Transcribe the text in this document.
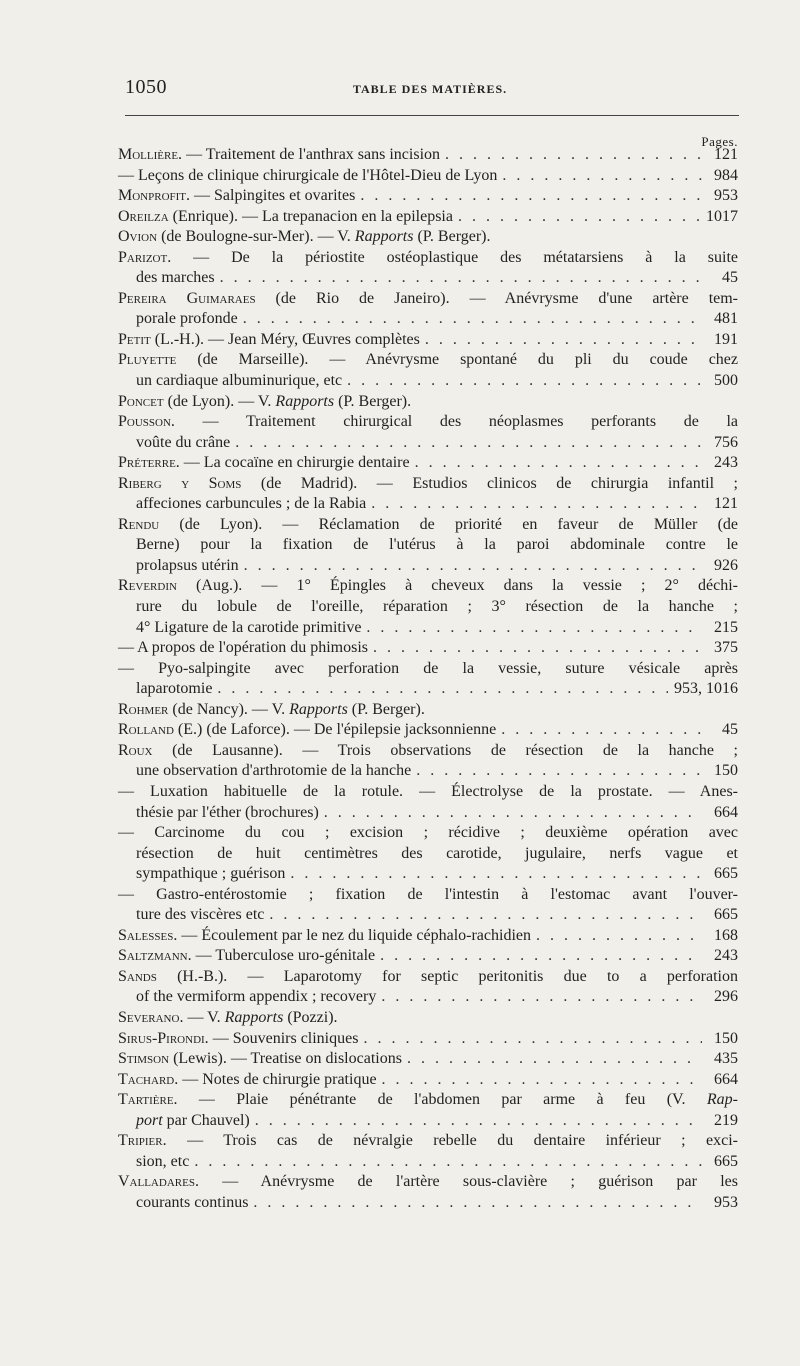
1050	TABLE DES MATIÈRES.
Pages.
Mollière. — Traitement de l'anthrax sans incision . . .	121
— Leçons de clinique chirurgicale de l'Hôtel-Dieu de Lyon . . .	984
Monprofit. — Salpingites et ovarites . . .	953
Oreilza (Enrique). — La trepanacion en la epilepsia . . .	1017
Ovion (de Boulogne-sur-Mer). — V. Rapports (P. Berger).
Parizot. — De la périostite ostéoplastique des métatarsiens à la suite
des marches . . .	45
Pereira Guimaraes (de Rio de Janeiro). — Anévrysme d'une artère tem-
porale profonde . . .	481
Petit (L.-H.). — Jean Méry, Œuvres complètes . . .	191
Pluyette (de Marseille). — Anévrysme spontané du pli du coude chez
un cardiaque albuminurique, etc . . .	500
Poncet (de Lyon). — V. Rapports (P. Berger).
Pousson. — Traitement chirurgical des néoplasmes perforants de la
voûte du crâne . . .	756
Préterre. — La cocaïne en chirurgie dentaire . . .	243
Riberg y Soms (de Madrid). — Estudios clinicos de chirurgia infantil ;
affeciones carbuncules ; de la Rabia . . .	121
Rendu (de Lyon). — Réclamation de priorité en faveur de Müller (de
Berne) pour la fixation de l'utérus à la paroi abdominale contre le
prolapsus utérin . . .	926
Reverdin (Aug.). — 1° Épingles à cheveux dans la vessie ; 2° déchi-
rure du lobule de l'oreille, réparation ; 3° résection de la hanche ;
4° Ligature de la carotide primitive . . .	215
— A propos de l'opération du phimosis . . .	375
— Pyo-salpingite avec perforation de la vessie, suture vésicale après
laparotomie . . .	953, 1016
Rohmer (de Nancy). — V. Rapports (P. Berger).
Rolland (E.) (de Laforce). — De l'épilepsie jacksonnienne . . .	45
Roux (de Lausanne). — Trois observations de résection de la hanche ;
une observation d'arthrotomie de la hanche . . .	150
— Luxation habituelle de la rotule. — Électrolyse de la prostate. — Anes-
thésie par l'éther (brochures) . . .	664
— Carcinome du cou ; excision ; récidive ; deuxième opération avec
résection de huit centimètres des carotide, jugulaire, nerfs vague et
sympathique ; guérison . . .	665
— Gastro-entérostomie ; fixation de l'intestin à l'estomac avant l'ouver-
ture des viscères etc . . .	665
Salesses. — Écoulement par le nez du liquide céphalo-rachidien . . .	168
Saltzmann. — Tuberculose uro-génitale . . .	243
Sands (H.-B.). — Laparotomy for septic peritonitis due to a perforation
of the vermiform appendix ; recovery . . .	296
Severano. — V. Rapports (Pozzi).
Sirus-Pirondi. — Souvenirs cliniques . . .	150
Stimson (Lewis). — Treatise on dislocations . . .	435
Tachard. — Notes de chirurgie pratique . . .	664
Tartière. — Plaie pénétrante de l'abdomen par arme à feu (V. Rap-
port par Chauvel) . . .	219
Tripier. — Trois cas de névralgie rebelle du dentaire inférieur ; exci-
sion, etc . . .	665
Valladares. — Anévrysme de l'artère sous-clavière ; guérison par les
courants continus . . .	953
